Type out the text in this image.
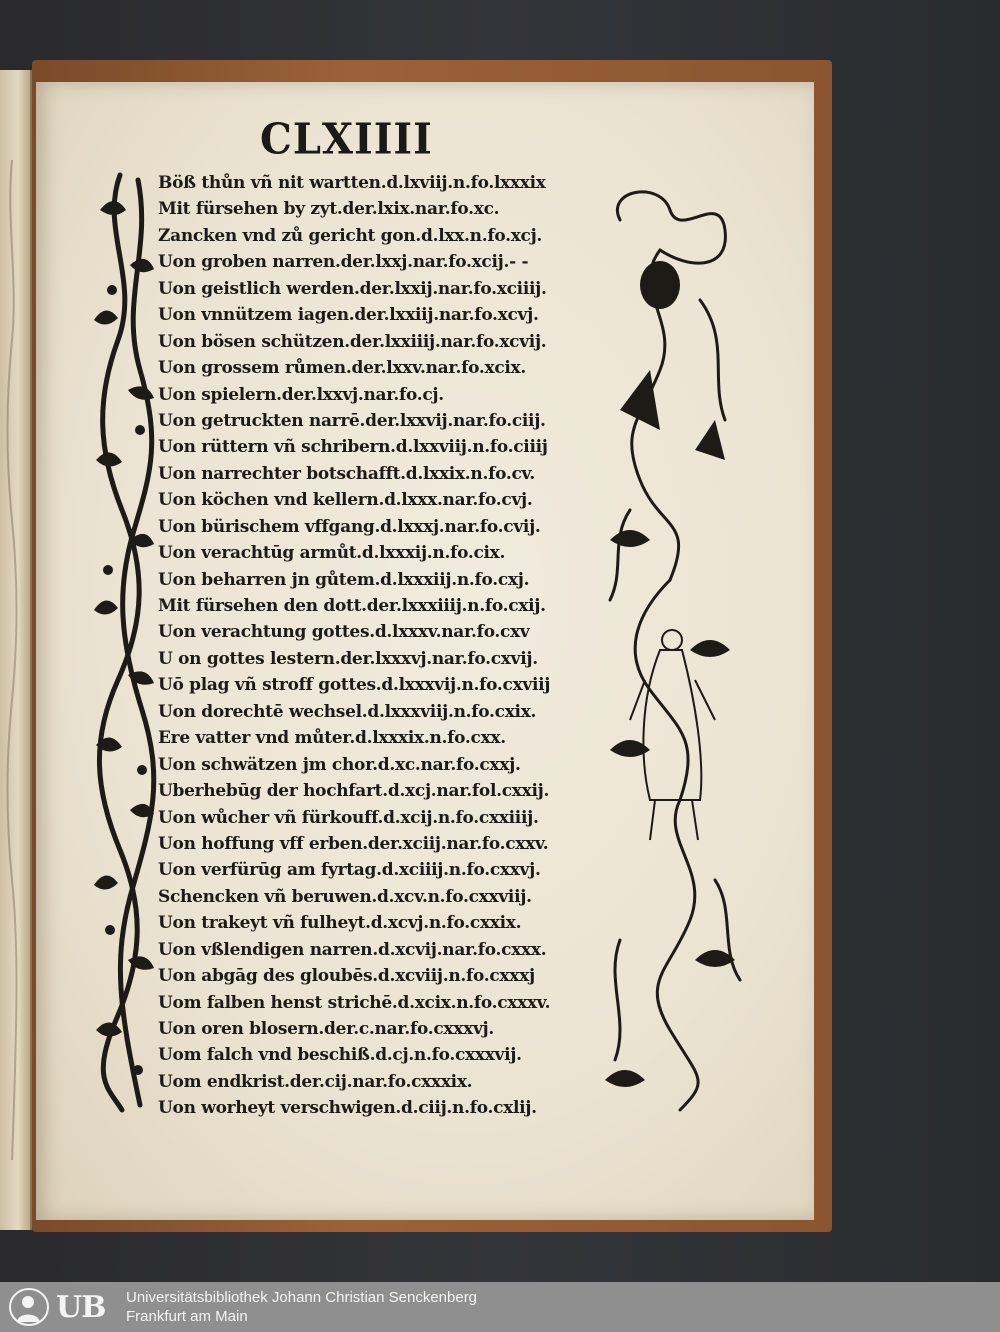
CLXIIII
Böß thůn vñ nit wartten.d.lxviij.n.fo.lxxxix
Mit fürsehen by zyt.der.lxix.nar.fo.xc.
Zancken vnd zů gericht gon.d.lxx.n.fo.xcj.
Uon groben narren.der.lxxj.nar.fo.xcij.- -
Uon geistlich werden.der.lxxij.nar.fo.xciiij.
Uon vnnützem iagen.der.lxxiij.nar.fo.xcvj.
Uon bösen schützen.der.lxxiiij.nar.fo.xcvij.
Uon grossem růmen.der.lxxv.nar.fo.xcix.
Uon spielern.der.lxxvj.nar.fo.cj.
Uon getruckten narrē.der.lxxvij.nar.fo.ciij.
Uon rüttern vñ schribern.d.lxxviij.n.fo.ciiij
Uon narrechter botschafft.d.lxxix.n.fo.cv.
Uon köchen vnd kellern.d.lxxx.nar.fo.cvj.
Uon bürischem vffgang.d.lxxxj.nar.fo.cvij.
Uon verachtūg armůt.d.lxxxij.n.fo.cix.
Uon beharren jn gůtem.d.lxxxiij.n.fo.cxj.
Mit fürsehen den dott.der.lxxxiiij.n.fo.cxij.
Uon verachtung gottes.d.lxxxv.nar.fo.cxv
U on gottes lestern.der.lxxxvj.nar.fo.cxvij.
Uō plag vñ stroff gottes.d.lxxxvij.n.fo.cxviij
Uon dorechtē wechsel.d.lxxxviij.n.fo.cxix.
Ere vatter vnd můter.d.lxxxix.n.fo.cxx.
Uon schwätzen jm chor.d.xc.nar.fo.cxxj.
Uberhebūg der hochfart.d.xcj.nar.fol.cxxij.
Uon wůcher vñ fürkouff.d.xcij.n.fo.cxxiiij.
Uon hoffung vff erben.der.xciij.nar.fo.cxxv.
Uon verfürūg am fyrtag.d.xciiij.n.fo.cxxvj.
Schencken vñ beruwen.d.xcv.n.fo.cxxviij.
Uon trakeyt vñ fulheyt.d.xcvj.n.fo.cxxix.
Uon vßlendigen narren.d.xcvij.nar.fo.cxxx.
Uon abgāg des gloubēs.d.xcviij.n.fo.cxxxj
Uom falben henst strichē.d.xcix.n.fo.cxxxv.
Uon oren blosern.der.c.nar.fo.cxxxvj.
Uom falch vnd beschiß.d.cj.n.fo.cxxxvij.
Uom endkrist.der.cij.nar.fo.cxxxix.
Uon worheyt verschwigen.d.ciij.n.fo.cxlij.
UB Universitätsbibliothek Johann Christian Senckenberg
Frankfurt am Main
